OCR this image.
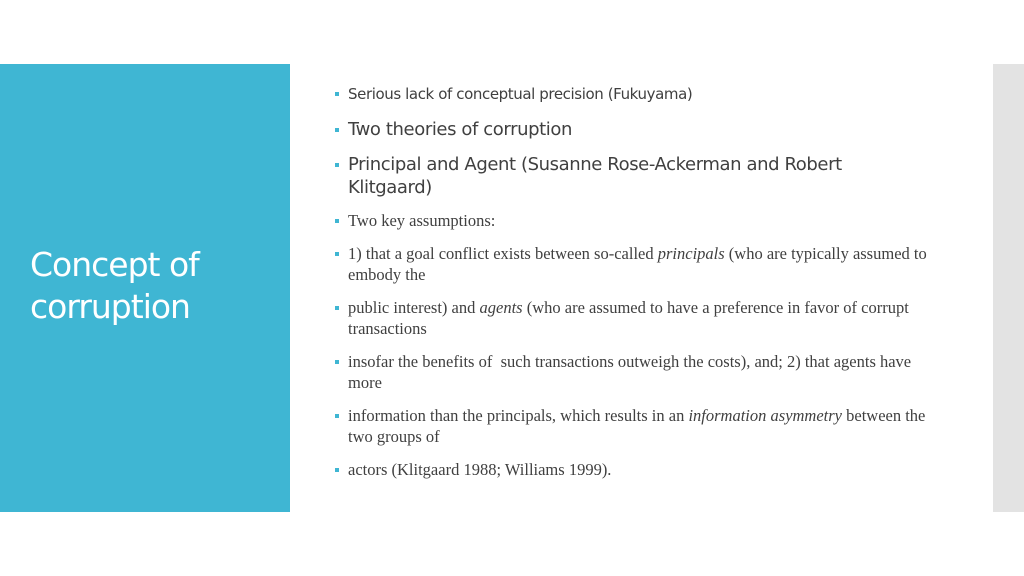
Concept of corruption
Serious lack of conceptual precision (Fukuyama)
Two theories of corruption
Principal and Agent (Susanne Rose-Ackerman and Robert Klitgaard)
Two key assumptions:
1) that a goal conflict exists between so-called principals (who are typically assumed to embody the
public interest) and agents (who are assumed to have a preference in favor of corrupt transactions
insofar the benefits of  such transactions outweigh the costs), and; 2) that agents have more
information than the principals, which results in an information asymmetry between the two groups of
actors (Klitgaard 1988; Williams 1999).
